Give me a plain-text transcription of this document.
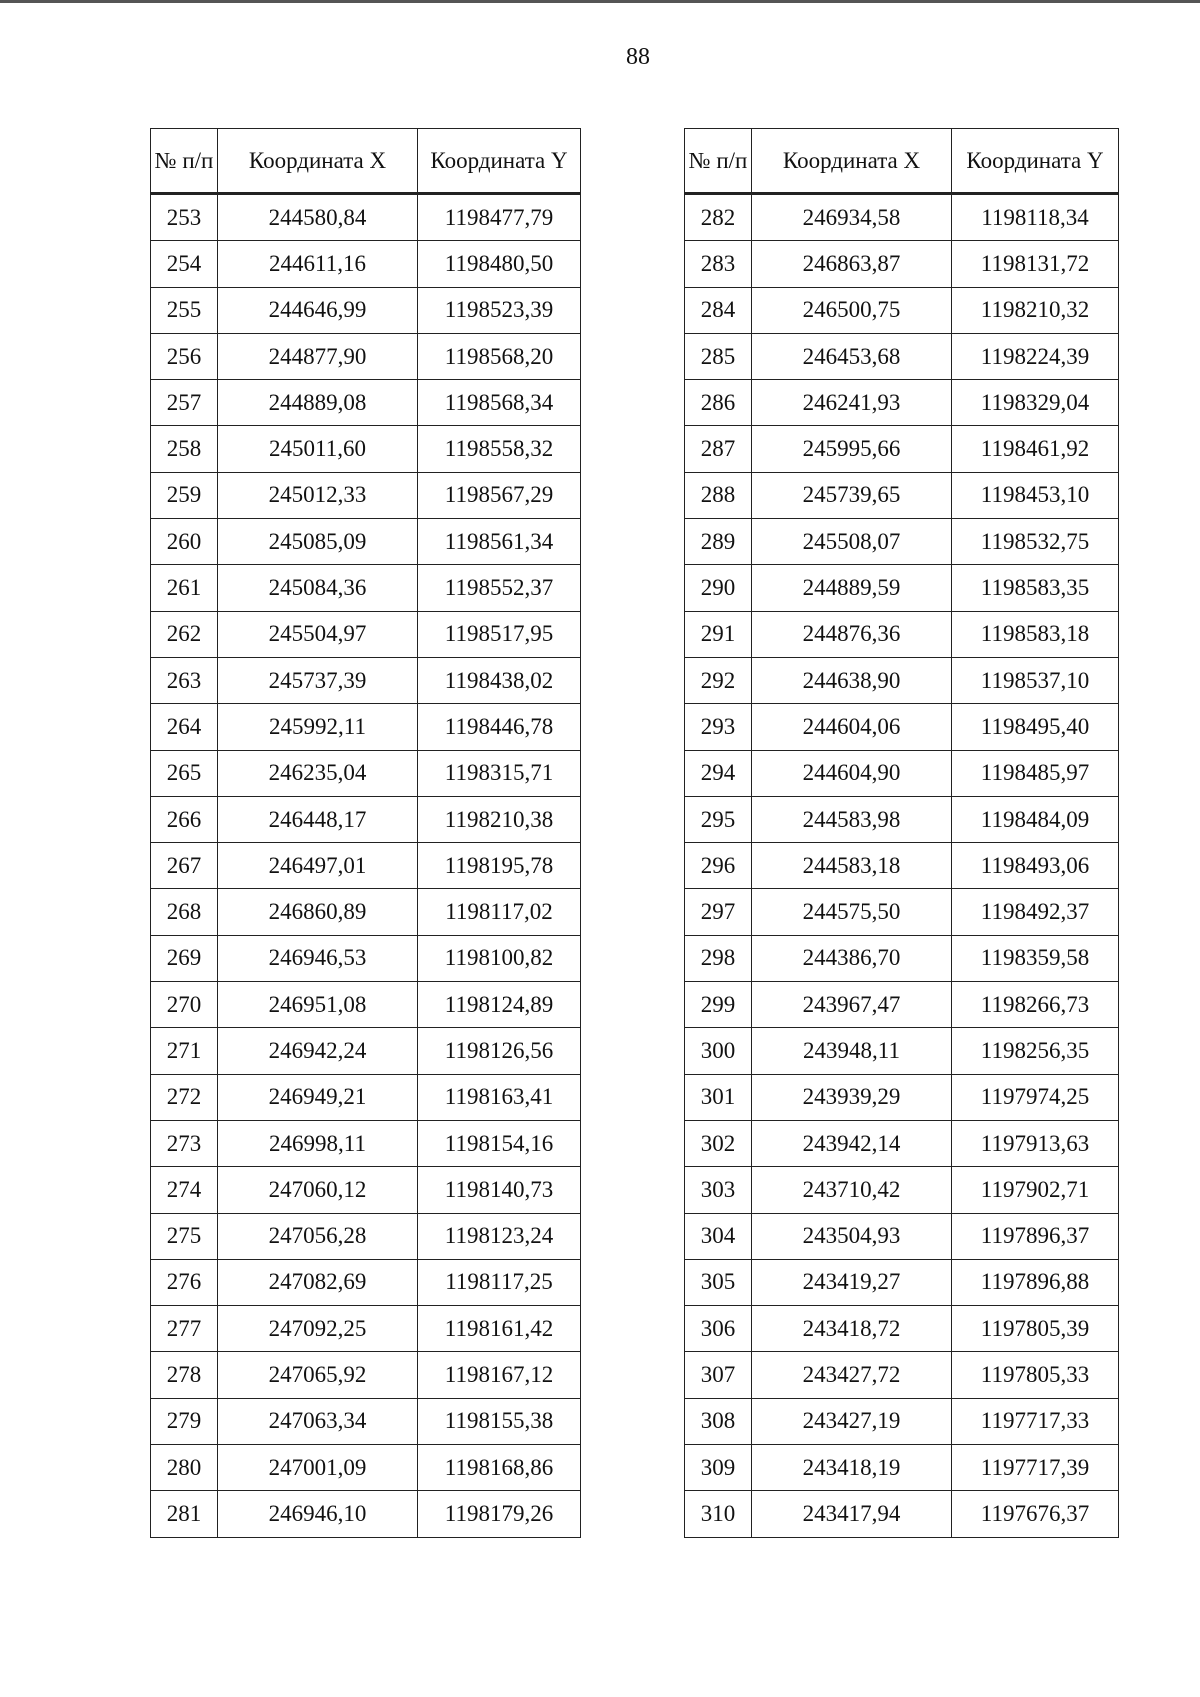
88
№ п/п	Координата X	Координата Y
253	244580,84	1198477,79
254	244611,16	1198480,50
255	244646,99	1198523,39
256	244877,90	1198568,20
257	244889,08	1198568,34
258	245011,60	1198558,32
259	245012,33	1198567,29
260	245085,09	1198561,34
261	245084,36	1198552,37
262	245504,97	1198517,95
263	245737,39	1198438,02
264	245992,11	1198446,78
265	246235,04	1198315,71
266	246448,17	1198210,38
267	246497,01	1198195,78
268	246860,89	1198117,02
269	246946,53	1198100,82
270	246951,08	1198124,89
271	246942,24	1198126,56
272	246949,21	1198163,41
273	246998,11	1198154,16
274	247060,12	1198140,73
275	247056,28	1198123,24
276	247082,69	1198117,25
277	247092,25	1198161,42
278	247065,92	1198167,12
279	247063,34	1198155,38
280	247001,09	1198168,86
281	246946,10	1198179,26
№ п/п	Координата X	Координата Y
282	246934,58	1198118,34
283	246863,87	1198131,72
284	246500,75	1198210,32
285	246453,68	1198224,39
286	246241,93	1198329,04
287	245995,66	1198461,92
288	245739,65	1198453,10
289	245508,07	1198532,75
290	244889,59	1198583,35
291	244876,36	1198583,18
292	244638,90	1198537,10
293	244604,06	1198495,40
294	244604,90	1198485,97
295	244583,98	1198484,09
296	244583,18	1198493,06
297	244575,50	1198492,37
298	244386,70	1198359,58
299	243967,47	1198266,73
300	243948,11	1198256,35
301	243939,29	1197974,25
302	243942,14	1197913,63
303	243710,42	1197902,71
304	243504,93	1197896,37
305	243419,27	1197896,88
306	243418,72	1197805,39
307	243427,72	1197805,33
308	243427,19	1197717,33
309	243418,19	1197717,39
310	243417,94	1197676,37
